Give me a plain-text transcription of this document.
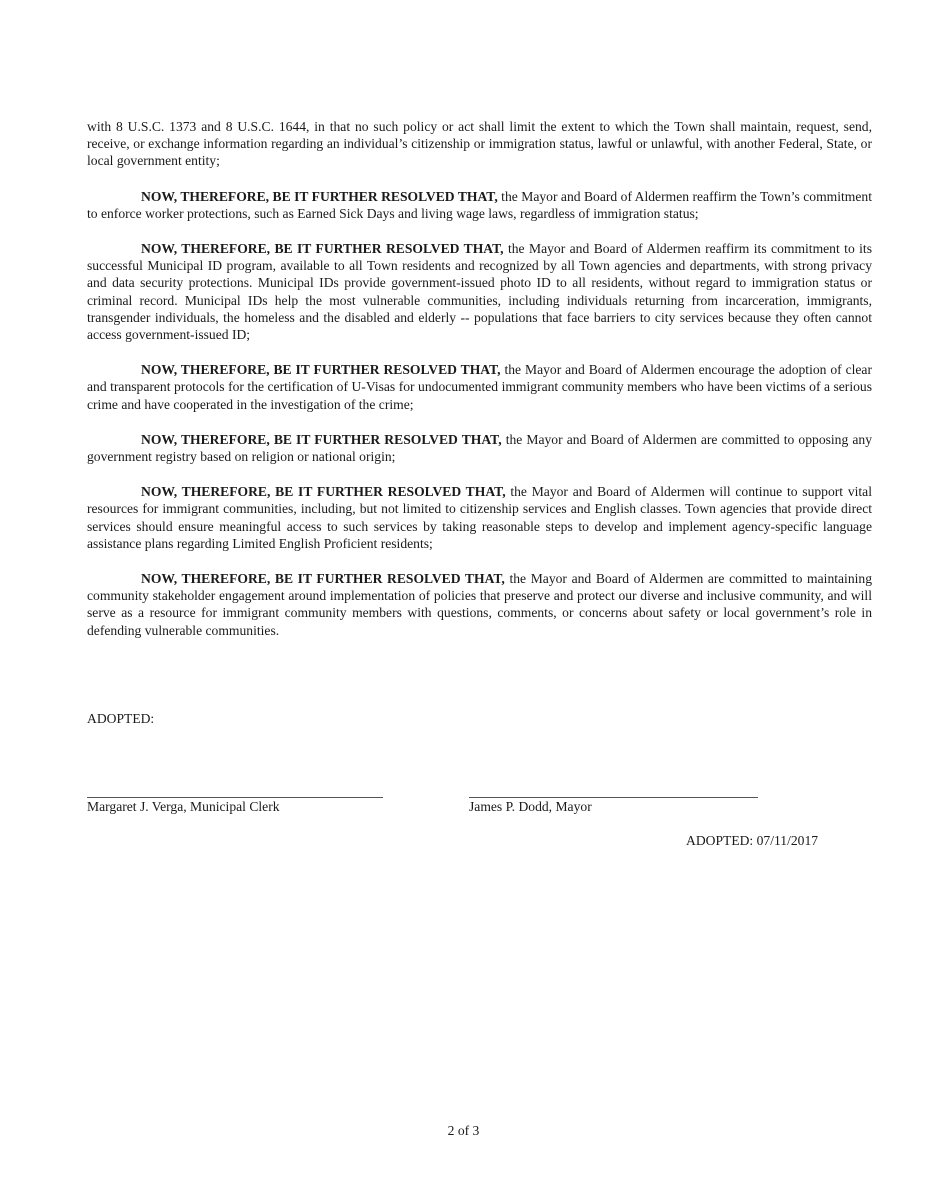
with 8 U.S.C. 1373 and 8 U.S.C. 1644, in that no such policy or act shall limit the extent to which the Town shall maintain, request, send, receive, or exchange information regarding an individual’s citizenship or immigration status, lawful or unlawful, with another Federal, State, or local government entity;

NOW, THEREFORE, BE IT FURTHER RESOLVED THAT, the Mayor and Board of Aldermen reaffirm the Town’s commitment to enforce worker protections, such as Earned Sick Days and living wage laws, regardless of immigration status;

NOW, THEREFORE, BE IT FURTHER RESOLVED THAT, the Mayor and Board of Aldermen reaffirm its commitment to its successful Municipal ID program, available to all Town residents and recognized by all Town agencies and departments, with strong privacy and data security protections. Municipal IDs provide government-issued photo ID to all residents, without regard to immigration status or criminal record. Municipal IDs help the most vulnerable communities, including individuals returning from incarceration, immigrants, transgender individuals, the homeless and the disabled and elderly -- populations that face barriers to city services because they often cannot access government-issued ID;

NOW, THEREFORE, BE IT FURTHER RESOLVED THAT, the Mayor and Board of Aldermen encourage the adoption of clear and transparent protocols for the certification of U-Visas for undocumented immigrant community members who have been victims of a serious crime and have cooperated in the investigation of the crime;

NOW, THEREFORE, BE IT FURTHER RESOLVED THAT, the Mayor and Board of Aldermen are committed to opposing any government registry based on religion or national origin;

NOW, THEREFORE, BE IT FURTHER RESOLVED THAT, the Mayor and Board of Aldermen will continue to support vital resources for immigrant communities, including, but not limited to citizenship services and English classes. Town agencies that provide direct services should ensure meaningful access to such services by taking reasonable steps to develop and implement agency-specific language assistance plans regarding Limited English Proficient residents;

NOW, THEREFORE, BE IT FURTHER RESOLVED THAT, the Mayor and Board of Aldermen are committed to maintaining community stakeholder engagement around implementation of policies that preserve and protect our diverse and inclusive community, and will serve as a resource for immigrant community members with questions, comments, or concerns about safety or local government’s role in defending vulnerable communities.

ADOPTED:
Margaret J. Verga, Municipal Clerk	James P. Dodd, Mayor
ADOPTED: 07/11/2017
2 of 3
